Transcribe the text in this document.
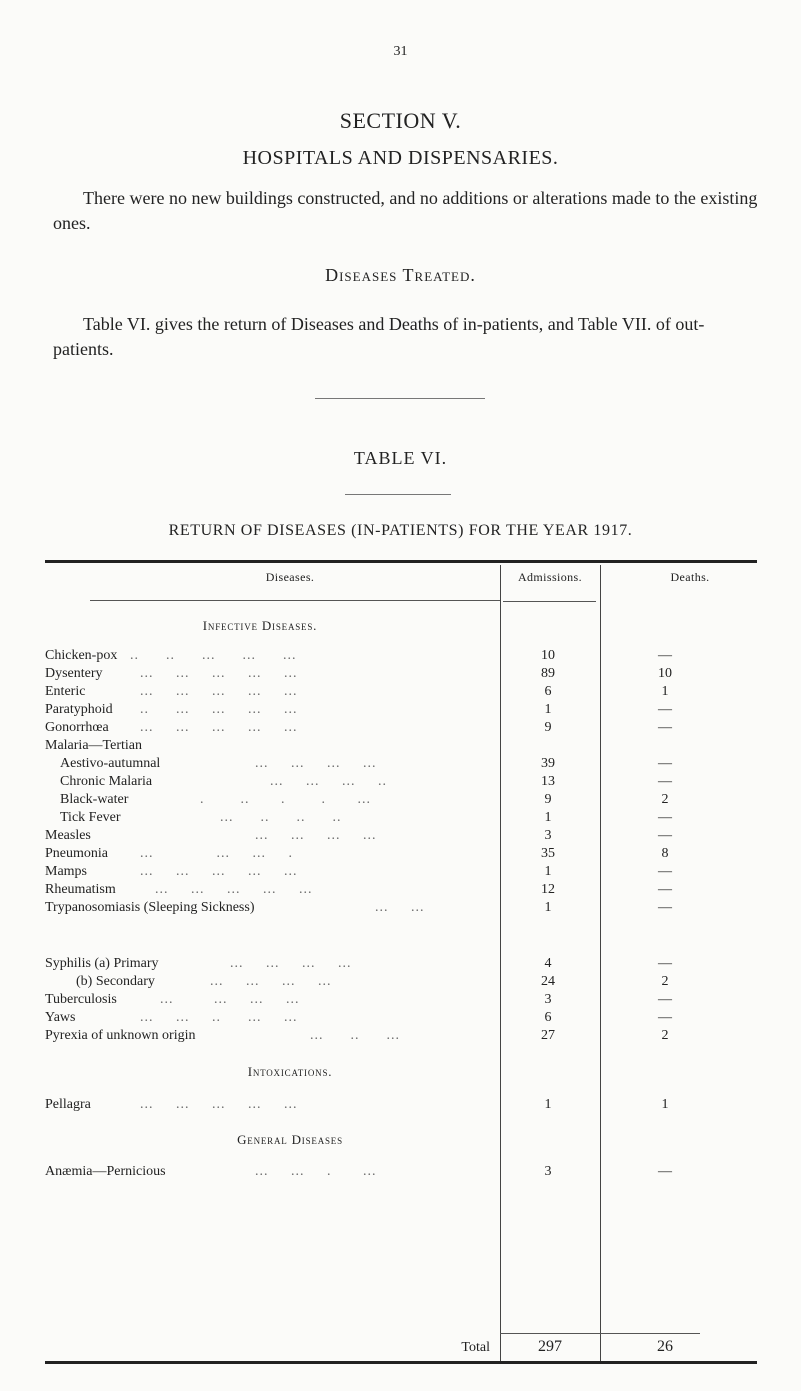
31
SECTION V.
HOSPITALS AND DISPENSARIES.
There were no new buildings constructed, and no additions or alterations made to the existing ones.
Diseases Treated.
Table VI. gives the return of Diseases and Deaths of in-patients, and Table VII. of out-patients.
TABLE VI.
RETURN OF DISEASES (IN-PATIENTS) FOR THE YEAR 1917.
Diseases.	Admissions.	Deaths.
Infective Diseases.
Intoxications.
General Diseases
Chicken-pox ..      ..      ...      ...      ...	10	—
Dysentery	...     ...     ...     ...     ...	89	10
Enteric	...     ...     ...     ...     ...	6	1
Paratyphoid ..      ...     ...     ...     ...	1	—
Gonorrhœa ...     ...     ...     ...     ...	9	—
Malaria—Tertian
Aestivo-autumnal	...     ...     ...     ...	39	—
Chronic Malaria	...     ...     ...     ..	13	—
Black-water	.        ..       .        .       ...	9	2
Tick Fever	...      ..      ..      ..	1	—
Measles	...     ...     ...     ...	3	—
Pneumonia ...              ...     ...     .	35	8
Mamps	...     ...     ...     ...     ...	1	—
Rheumatism	...     ...     ...     ...     ...	12	—
Trypanosomiasis (Sleeping Sickness)	...     ...	1	—
Syphilis (a) Primary	...     ...     ...     ...	4	—
(b) Secondary	...     ...     ...     ...	24	2
Tuberculosis	...         ...     ...     ...	3	—
Yaws	...     ...     ..      ...     ...	6	—
Pyrexia of unknown origin	...      ..      ...	27	2
Pellagra	...     ...     ...     ...     ...	1	1
Anæmia—Pernicious	...     ...     .       ...	3	—
Total	297	26
